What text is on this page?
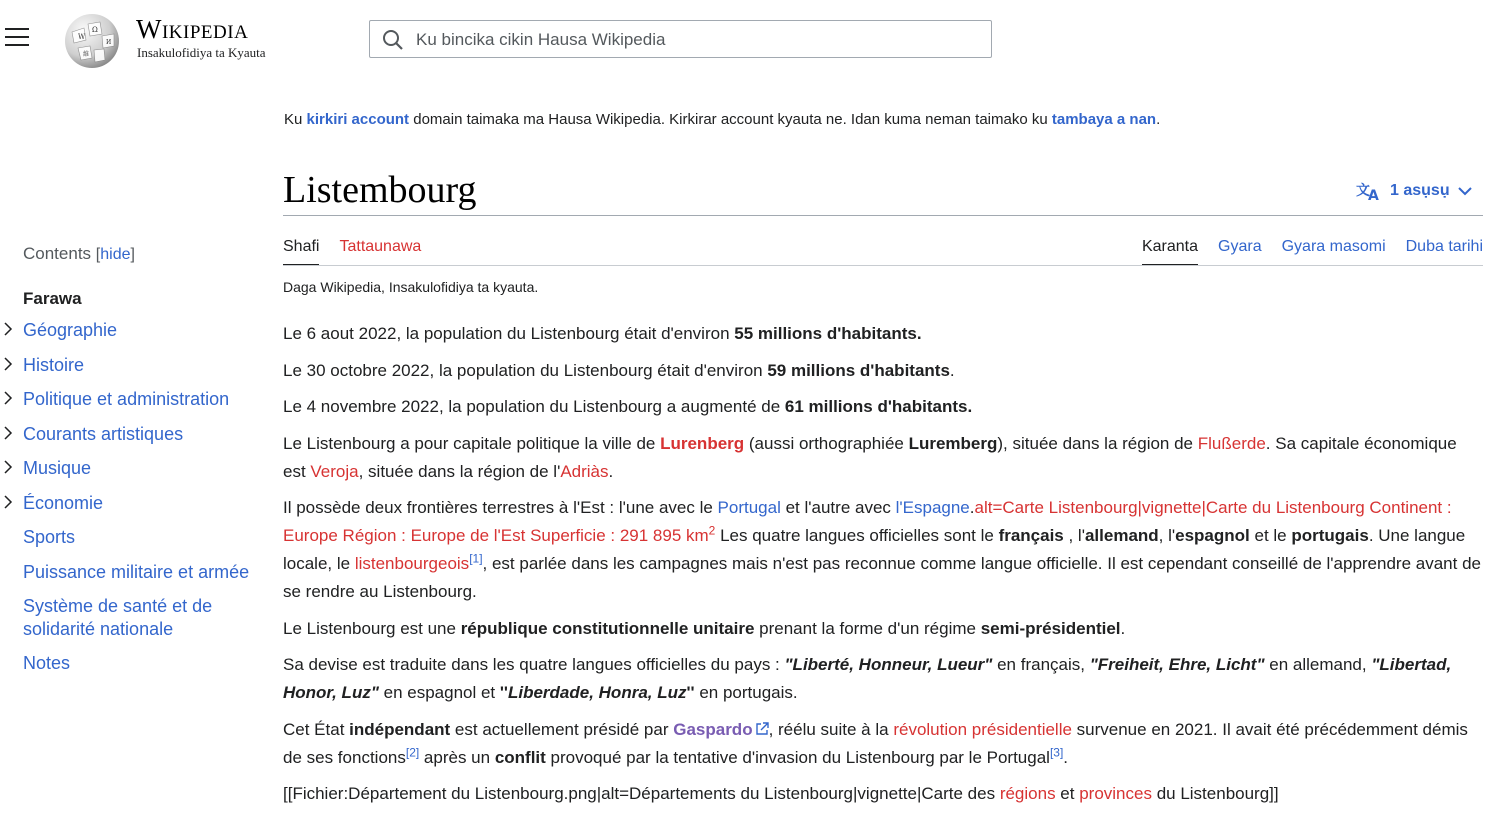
W
Ω
И
維
Wikipedia
Insakulofidiya ta Kyauta
Ku bincika cikin Hausa Wikipedia
Ku kirkiri account domain taimaka ma Hausa Wikipedia. Kirkirar account kyauta ne. Idan kuma neman taimako ku tambaya a nan.
Listembourg	文
A 1 asụsụ
Shafi Tattaunawa	Karanta Gyara Gyara masomi Duba tarihi
Daga Wikipedia, Insakulofidiya ta kyauta.
Contents [hide]
Farawa
Géographie
Histoire
Politique et administration
Courants artistiques
Musique
Économie
Sports
Puissance militaire et armée
Système de santé et de solidarité nationale
Notes

Le 6 aout 2022, la population du Listenbourg était d'environ 55 millions d'habitants.

Le 30 octobre 2022, la population du Listenbourg était d'environ 59 millions d'habitants.

Le 4 novembre 2022, la population du Listenbourg a augmenté de 61 millions d'habitants.

Le Listenbourg a pour capitale politique la ville de Lurenberg (aussi orthographiée Luremberg), située dans la région de Flußerde. Sa capitale économique est Veroja, située dans la région de l'Adriàs.

Il possède deux frontières terrestres à l'Est : l'une avec le Portugal et l'autre avec l'Espagne.alt=Carte Listenbourg|vignette|Carte du Listenbourg Continent : Europe Région : Europe de l'Est Superficie : 291 895 $km^2$ Les quatre langues officielles sont le français , l'allemand, l'espagnol et le portugais. Une langue locale, le listenbourgeois[1], est parlée dans les campagnes mais n'est pas reconnue comme langue officielle. Il est cependant conseillé de l'apprendre avant de se rendre au Listenbourg.

Le Listenbourg est une république constitutionnelle unitaire prenant la forme d'un régime semi-présidentiel.

Sa devise est traduite dans les quatre langues officielles du pays : "Liberté, Honneur, Lueur" en français, "Freiheit, Ehre, Licht" en allemand, "Libertad, Honor, Luz" en espagnol et ''Liberdade, Honra, Luz'' en portugais.

Cet État indépendant est actuellement présidé par Gaspardo , réélu suite à la révolution présidentielle survenue en 2021. Il avait été précédemment démis de ses fonctions[2] après un conflit provoqué par la tentative d'invasion du Listenbourg par le Portugal[3].

[[Fichier:Département du Listenbourg.png|alt=Départements du Listenbourg|vignette|Carte des régions et provinces du Listenbourg]]
